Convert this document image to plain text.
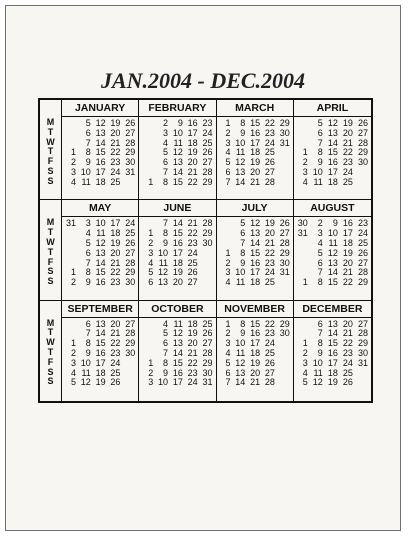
JAN.2004 - DEC.2004
M
T
W
T
F
S
S
JANUARY
1
2
3
4
5
6
7
8
9
10
11
12
13
14
15
16
17
18
19
20
21
22
23
24
25
26
27
28
29
30
31
FEBRUARY
1
2
3
4
5
6
7
8
9
10
11
12
13
14
15
16
17
18
19
20
21
22
23
24
25
26
27
28
29
MARCH
1
2
3
4
5
6
7
8
9
10
11
12
13
14
15
16
17
18
19
20
21
22
23
24
25
26
27
28
29
30
31
APRIL
1
2
3
4
5
6
7
8
9
10
11
12
13
14
15
16
17
18
19
20
21
22
23
24
25
26
27
28
29
30
M
T
W
T
F
S
S
MAY
31
1
2
3
4
5
6
7
8
9
10
11
12
13
14
15
16
17
18
19
20
21
22
23
24
25
26
27
28
29
30
JUNE
1
2
3
4
5
6
7
8
9
10
11
12
13
14
15
16
17
18
19
20
21
22
23
24
25
26
27
28
29
30
JULY
1
2
3
4
5
6
7
8
9
10
11
12
13
14
15
16
17
18
19
20
21
22
23
24
25
26
27
28
29
30
31
AUGUST
30
31
1
2
3
4
5
6
7
8
9
10
11
12
13
14
15
16
17
18
19
20
21
22
23
24
25
26
27
28
29
M
T
W
T
F
S
S
SEPTEMBER
1
2
3
4
5
6
7
8
9
10
11
12
13
14
15
16
17
18
19
20
21
22
23
24
25
26
27
28
29
30
OCTOBER
1
2
3
4
5
6
7
8
9
10
11
12
13
14
15
16
17
18
19
20
21
22
23
24
25
26
27
28
29
30
31
NOVEMBER
1
2
3
4
5
6
7
8
9
10
11
12
13
14
15
16
17
18
19
20
21
22
23
24
25
26
27
28
29
30
DECEMBER
1
2
3
4
5
6
7
8
9
10
11
12
13
14
15
16
17
18
19
20
21
22
23
24
25
26
27
28
29
30
31
